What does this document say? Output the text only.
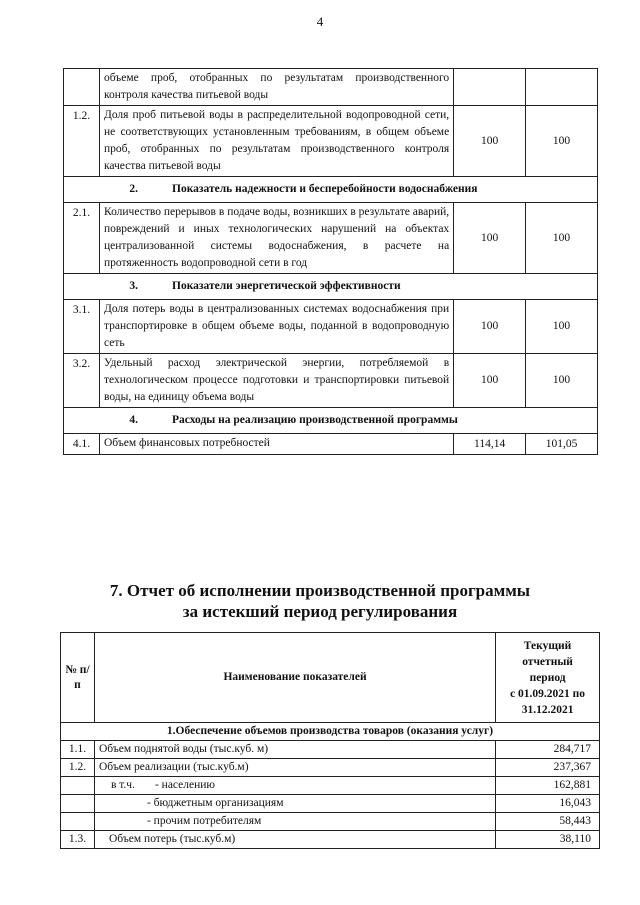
4
	объеме проб, отобранных по результатам производственного контроля качества питьевой воды		
1.2.	Доля проб питьевой воды в распределительной водопроводной сети, не соответствующих установленным требованиям, в общем объеме проб, отобранных по результатам производственного контроля качества питьевой воды	100	100
2. Показатель надежности и бесперебойности водоснабжения			
2.1.	Количество перерывов в подаче воды, возникших в результате аварий, повреждений и иных технологических нарушений на объектах централизованной системы водоснабжения, в расчете на протяженность водопроводной сети в год	100	100
3. Показатели энергетической эффективности			
3.1.	Доля потерь воды в централизованных системах водоснабжения при транспортировке в общем объеме воды, поданной в водопроводную сеть	100	100
3.2.	Удельный расход электрической энергии, потребляемой в технологическом процессе подготовки и транспортировки питьевой воды, на единицу объема воды	100	100
4. Расходы на реализацию производственной программы			
4.1.	Объем финансовых потребностей	114,14	101,05
7. Отчет об исполнении производственной программы
за истекший период регулирования
№ п/п	Наименование показателей	Текущий
отчетный
период
с 01.09.2021 по
31.12.2021

1.Обеспечение объемов производства товаров (оказания услуг)		
1.1.	Объем поднятой воды (тыс.куб. м)	284,717
1.2.	Объем реализации (тыс.куб.м)	237,367
	в т.ч. - населению	162,881
	- бюджетным организациям	16,043
	- прочим потребителям	58,443
1.3.	Объем потерь (тыс.куб.м)	38,110
